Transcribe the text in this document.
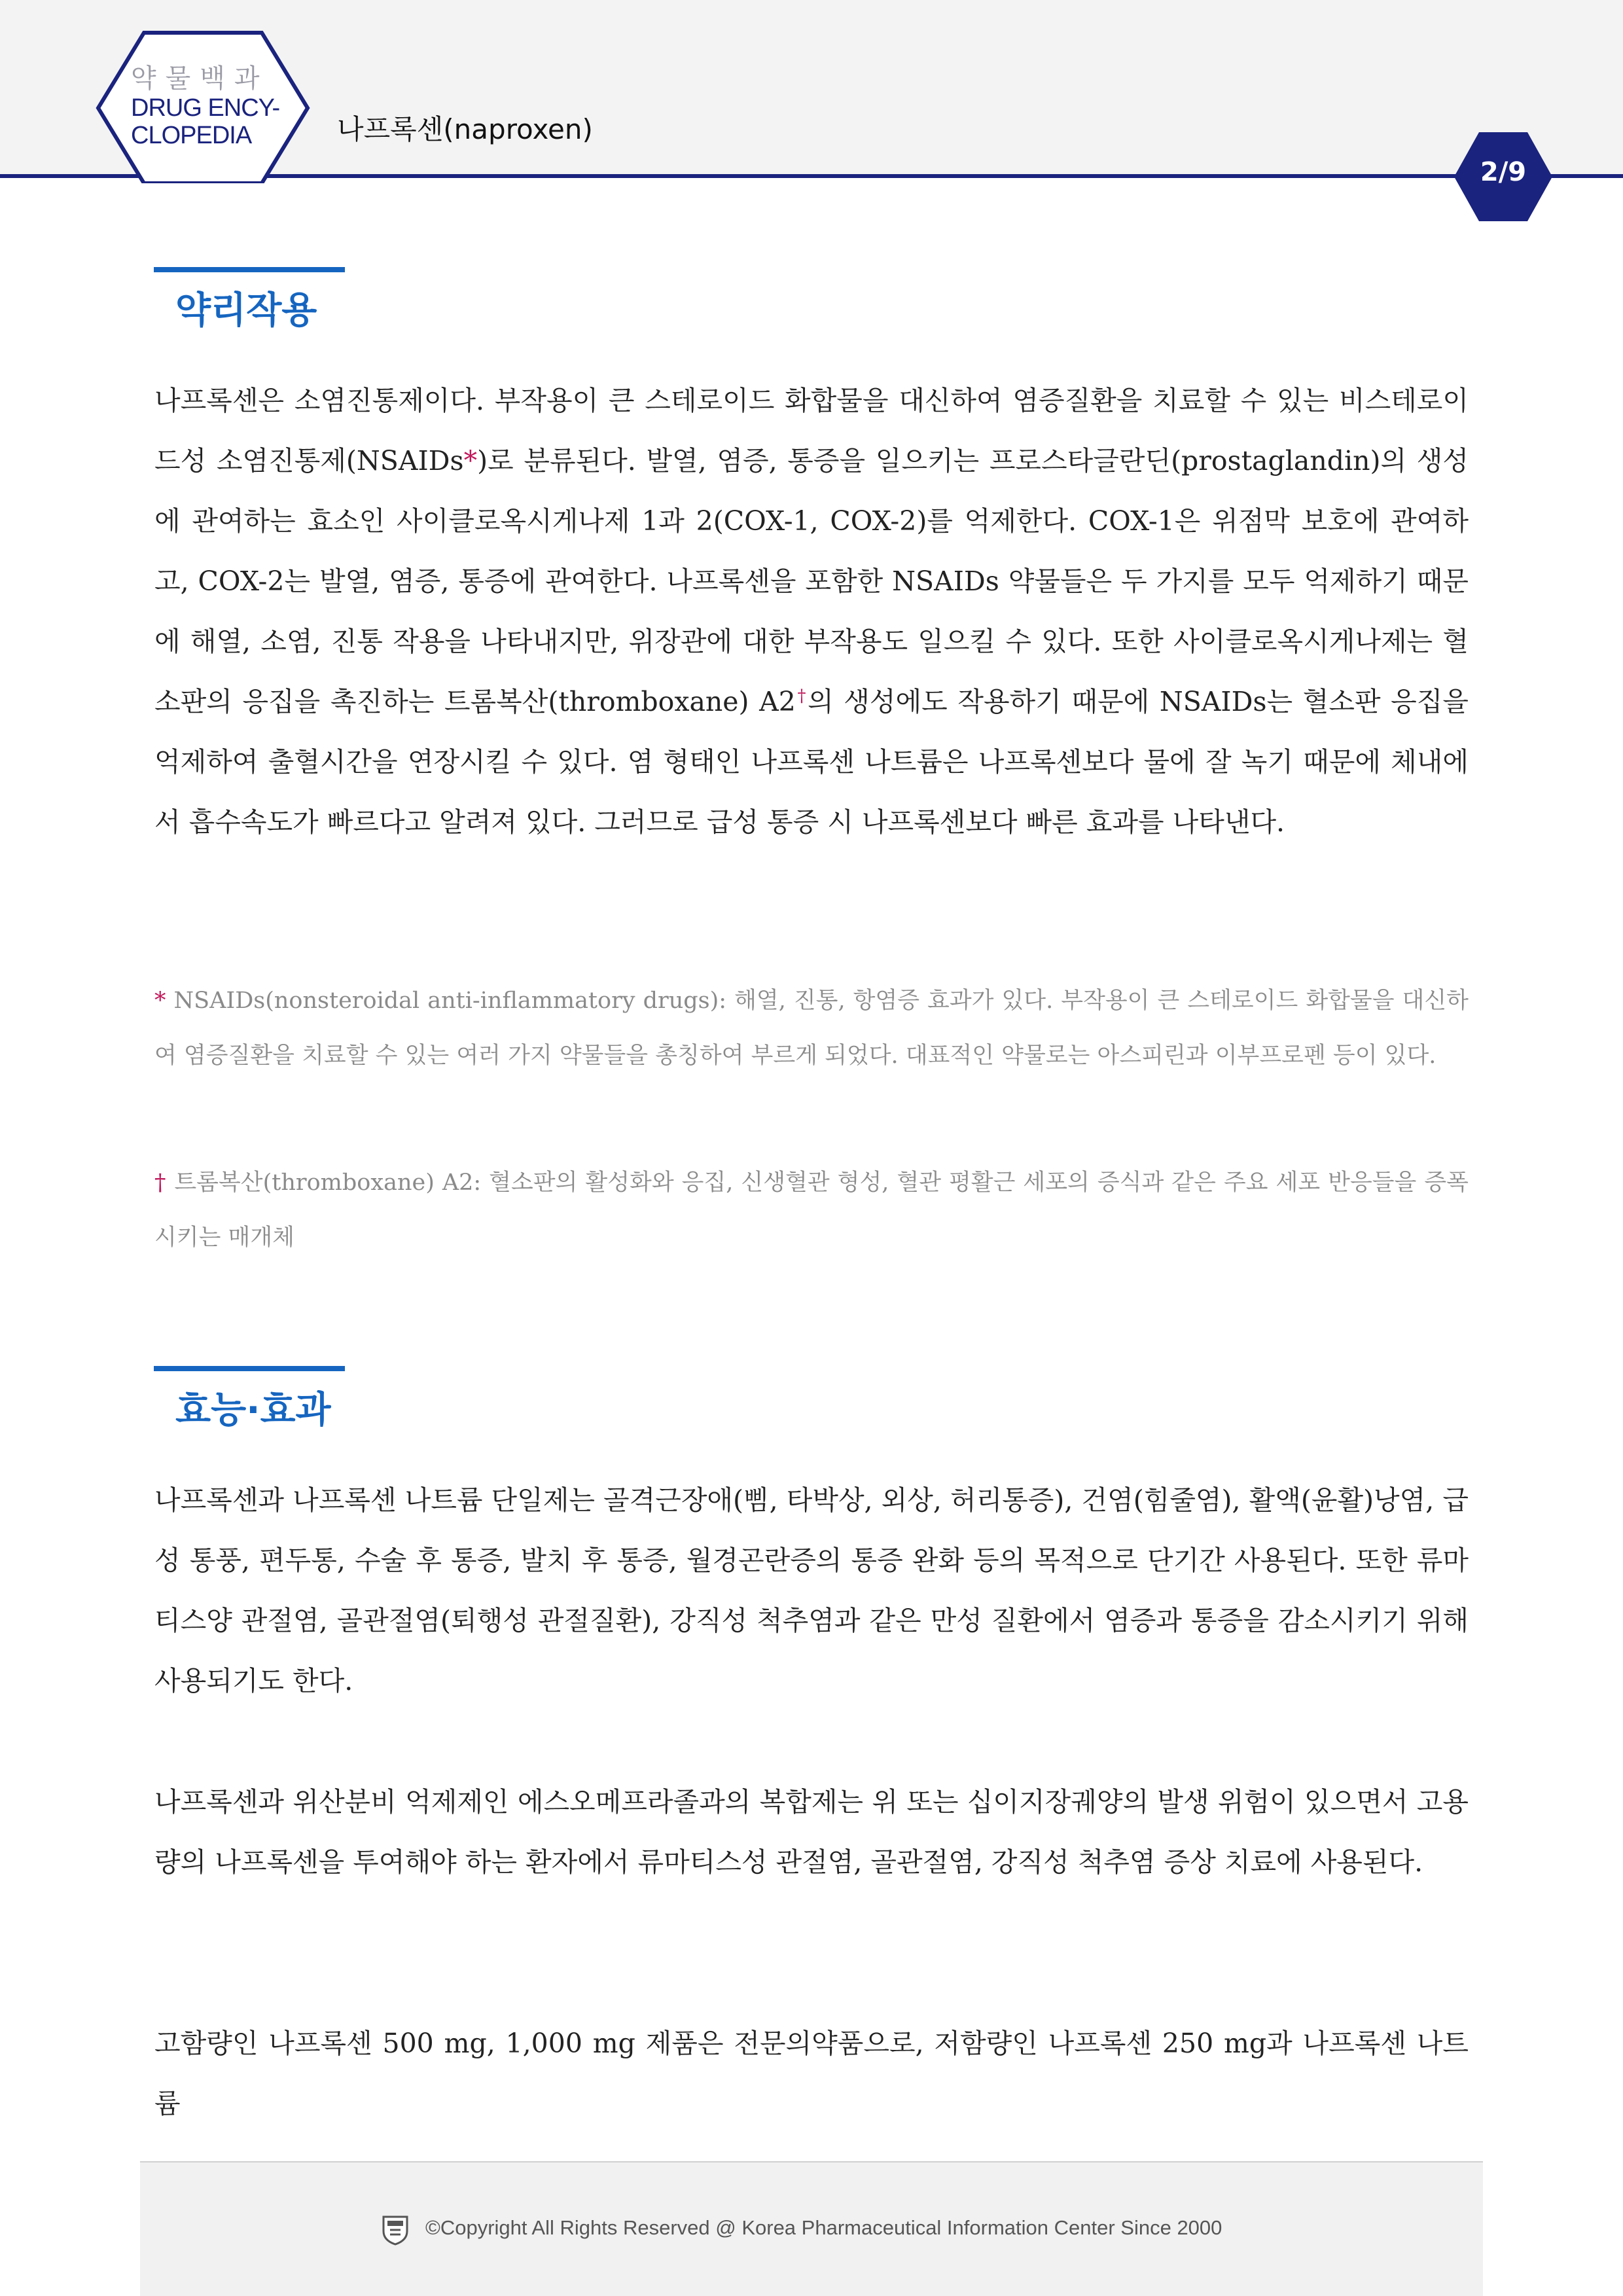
약물백과
DRUG ENCY-
CLOPEDIA	나프록센(naproxen)
2/9
약리작용

나프록센은 소염진통제이다. 부작용이 큰 스테로이드 화합물을 대신하여 염증질환을 치료할 수 있는 비스테로이드성 소염진통제(NSAIDs*)로 분류된다. 발열, 염증, 통증을 일으키는 프로스타글란딘(prostaglandin)의 생성에 관여하는 효소인 사이클로옥시게나제 1과 2(COX-1, COX-2)를 억제한다. COX-1은 위점막 보호에 관여하고, COX-2는 발열, 염증, 통증에 관여한다. 나프록센을 포함한 NSAIDs 약물들은 두 가지를 모두 억제하기 때문에 해열, 소염, 진통 작용을 나타내지만, 위장관에 대한 부작용도 일으킬 수 있다. 또한 사이클로옥시게나제는 혈소판의 응집을 촉진하는 트롬복산(thromboxane) A2†의 생성에도 작용하기 때문에 NSAIDs는 혈소판 응집을 억제하여 출혈시간을 연장시킬 수 있다. 염 형태인 나프록센 나트륨은 나프록센보다 물에 잘 녹기 때문에 체내에서 흡수속도가 빠르다고 알려져 있다. 그러므로 급성 통증 시 나프록센보다 빠른 효과를 나타낸다.

* NSAIDs(nonsteroidal anti-inflammatory drugs): 해열, 진통, 항염증 효과가 있다. 부작용이 큰 스테로이드 화합물을 대신하여 염증질환을 치료할 수 있는 여러 가지 약물들을 총칭하여 부르게 되었다. 대표적인 약물로는 아스피린과 이부프로펜 등이 있다.

† 트롬복산(thromboxane) A2: 혈소판의 활성화와 응집, 신생혈관 형성, 혈관 평활근 세포의 증식과 같은 주요 세포 반응들을 증폭시키는 매개체

효능·효과

나프록센과 나프록센 나트륨 단일제는 골격근장애(삠, 타박상, 외상, 허리통증), 건염(힘줄염), 활액(윤활)낭염, 급성 통풍, 편두통, 수술 후 통증, 발치 후 통증, 월경곤란증의 통증 완화 등의 목적으로 단기간 사용된다. 또한 류마티스양 관절염, 골관절염(퇴행성 관절질환), 강직성 척추염과 같은 만성 질환에서 염증과 통증을 감소시키기 위해 사용되기도 한다.

나프록센과 위산분비 억제제인 에스오메프라졸과의 복합제는 위 또는 십이지장궤양의 발생 위험이 있으면서 고용량의 나프록센을 투여해야 하는 환자에서 류마티스성 관절염, 골관절염, 강직성 척추염 증상 치료에 사용된다.

고함량인 나프록센 500 mg, 1,000 mg 제품은 전문의약품으로, 저함량인 나프록센 250 mg과 나프록센 나트륨

©Copyright All Rights Reserved @ Korea Pharmaceutical Information Center Since 2000
